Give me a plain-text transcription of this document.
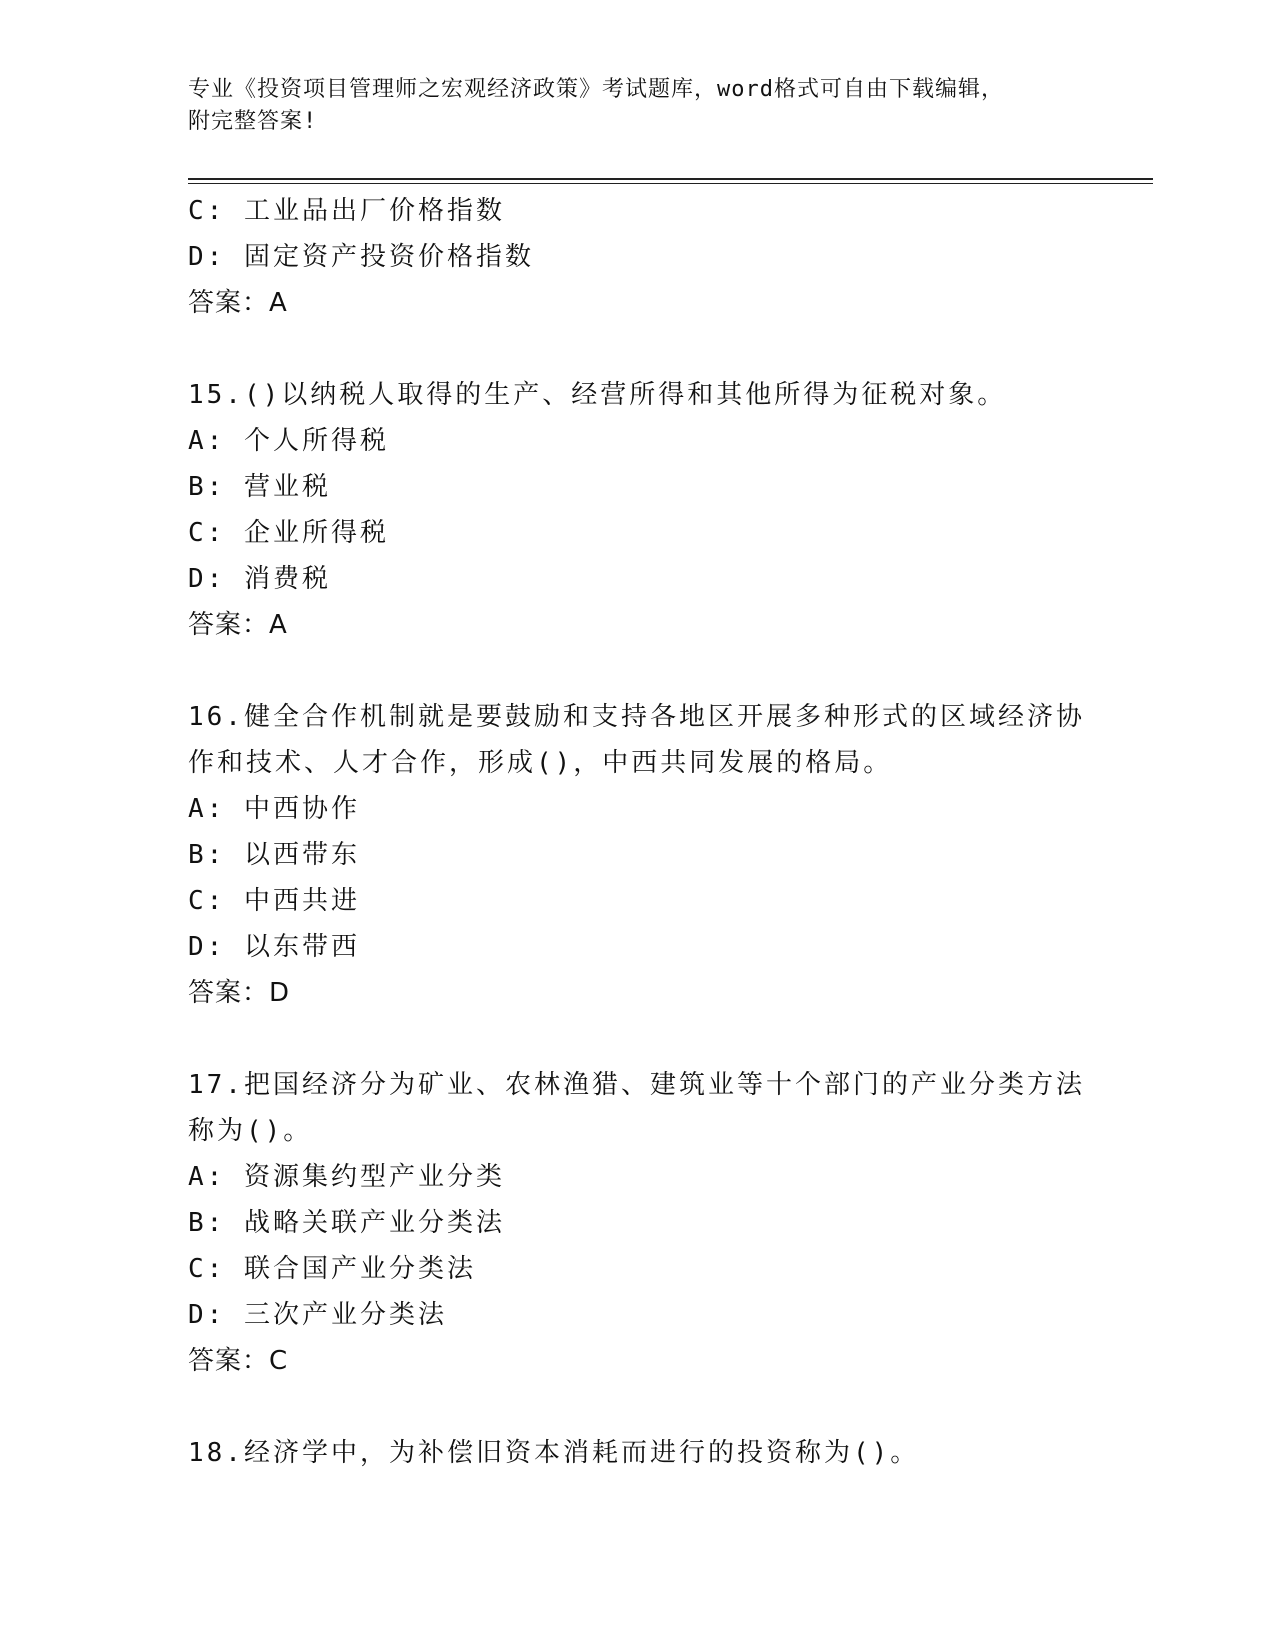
专业《投资项目管理师之宏观经济政策》考试题库，word格式可自由下载编辑，
附完整答案!
C: 工业品出厂价格指数
D: 固定资产投资价格指数
答案：A
15.()以纳税人取得的生产、经营所得和其他所得为征税对象。
A: 个人所得税
B: 营业税
C: 企业所得税
D: 消费税
答案：A
16.健全合作机制就是要鼓励和支持各地区开展多种形式的区域经济协
作和技术、人才合作，形成()，中西共同发展的格局。
A: 中西协作
B: 以西带东
C: 中西共进
D: 以东带西
答案：D
17.把国经济分为矿业、农林渔猎、建筑业等十个部门的产业分类方法
称为()。
A: 资源集约型产业分类
B: 战略关联产业分类法
C: 联合国产业分类法
D: 三次产业分类法
答案：C
18.经济学中，为补偿旧资本消耗而进行的投资称为()。
